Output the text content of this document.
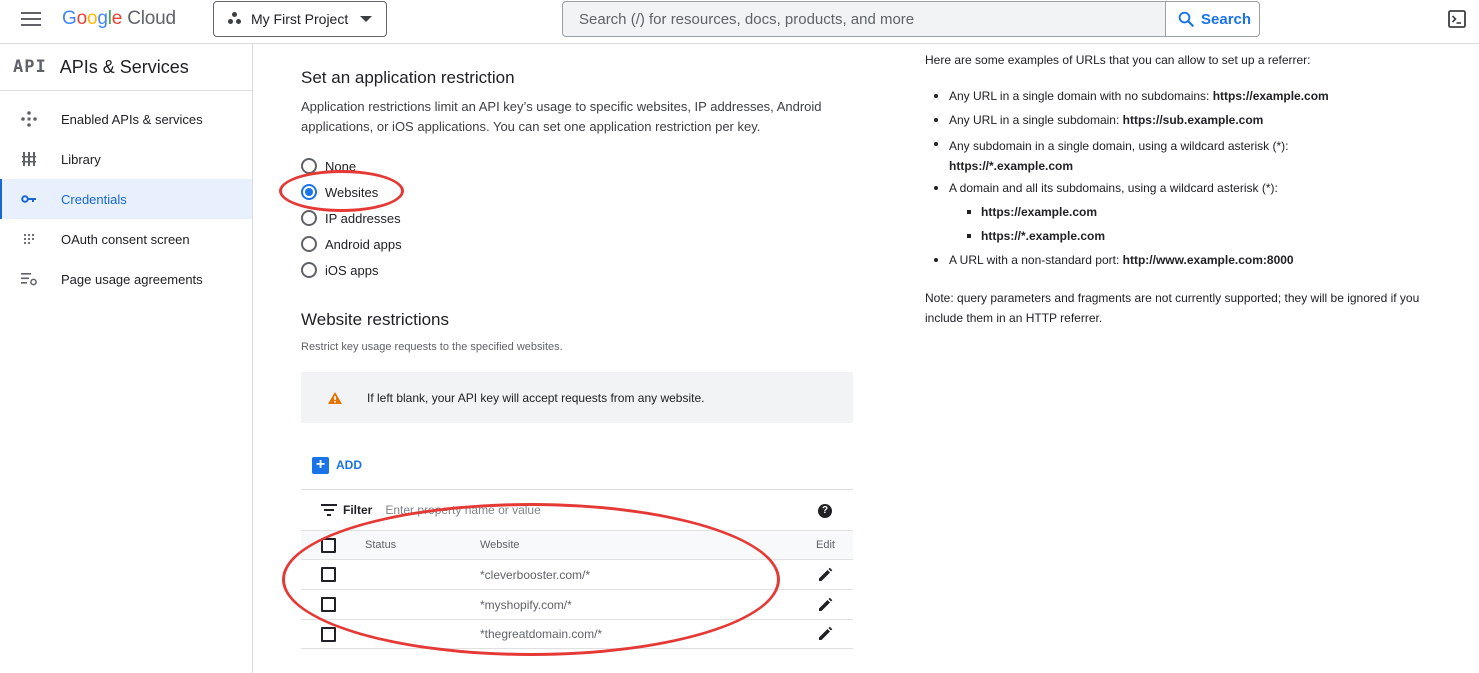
Google Cloud	My First Project
Search (/) for resources, docs, products, and more	Search
API APIs & Services
Enabled APIs & services
Library
Credentials
OAuth consent screen
Page usage agreements
Set an application restriction
Application restrictions limit an API key’s usage to specific websites, IP addresses, Android applications, or iOS applications. You can set one application restriction per key.
None
Websites
IP addresses
Android apps
iOS apps
Website restrictions
Restrict key usage requests to the specified websites.
If left blank, your API key will accept requests from any website.
+ ADD
Filter
Enter property name or value	?
Status	Website	Edit
*cleverbooster.com/*
*myshopify.com/*
*thegreatdomain.com/*

Here are some examples of URLs that you can allow to set up a referrer:

Any URL in a single domain with no subdomains: https://example.com
Any URL in a single subdomain: https://sub.example.com
Any subdomain in a single domain, using a wildcard asterisk (*): https://*.example.com
A domain and all its subdomains, using a wildcard asterisk (*):
https://example.com
https://*.example.com
A URL with a non-standard port: http://www.example.com:8000

Note: query parameters and fragments are not currently supported; they will be ignored if you include them in an HTTP referrer.
